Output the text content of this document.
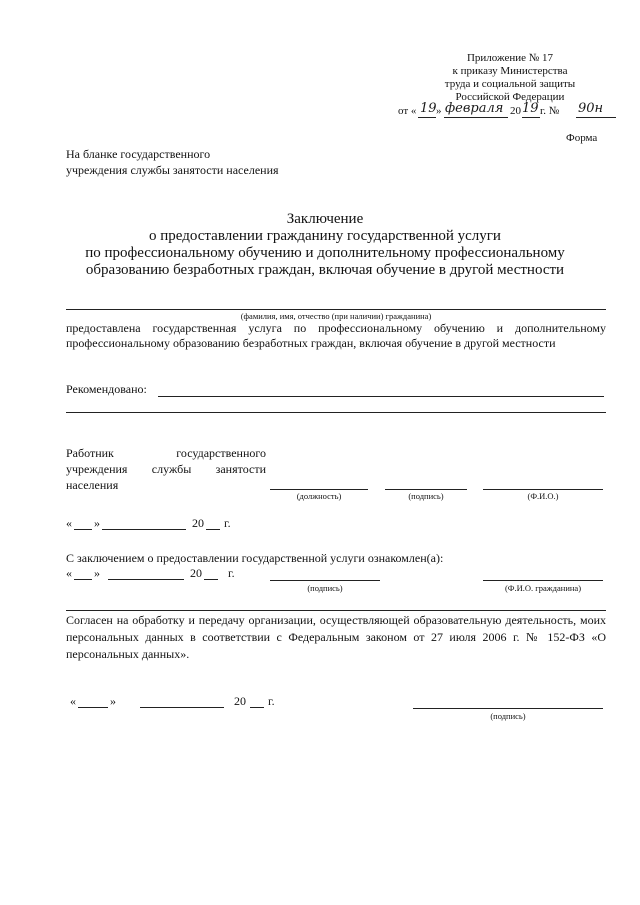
Приложение № 17
к приказу Министерства
труда и социальной защиты
Российской Федерации
от « 19 » февраля 20 19 г. № 90н
Форма
На бланке государственного
учреждения службы занятости населения
Заключение
о предоставлении гражданину государственной услуги
по профессиональному обучению и дополнительному профессиональному
образованию безработных граждан, включая обучение в другой местности
(фамилия, имя, отчество (при наличии) гражданина)
предоставлена государственная услуга по профессиональному обучению и дополнительному профессиональному образованию безработных граждан, включая обучение в другой местности
Рекомендовано:
Работник государственного
учреждения службы занятости
населения
(должность)	(подпись)	(Ф.И.О.)
« »	20 г.
С заключением о предоставлении государственной услуги ознакомлен(а):
« »	20 г.
(подпись)	(Ф.И.О. гражданина)
Согласен на обработку и передачу организации, осуществляющей образовательную деятельность, моих персональных данных в соответствии с Федеральным законом от 27 июля 2006 г. № 152-ФЗ «О персональных данных».
«	»	20 г.
(подпись)
